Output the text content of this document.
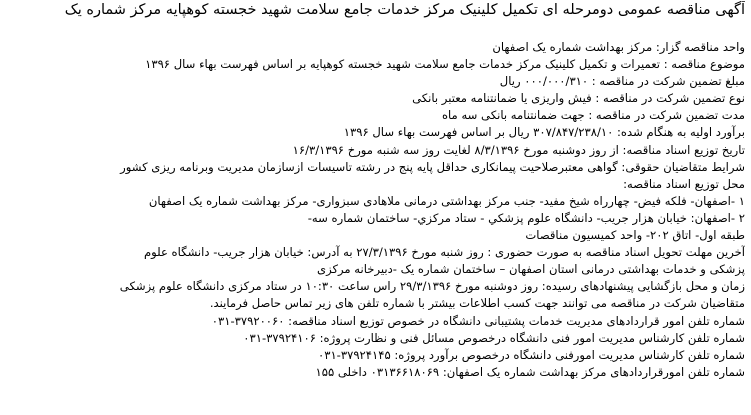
آگهی مناقصه عمومی دومرحله ای تکمیل کلینیک مرکز خدمات جامع سلامت شهید خجسته کوهپایه مرکز شماره یک
واحد مناقصه گزار: مرکز بهداشت شماره یک اصفهان
موضوع مناقصه : تعمیرات و تکمیل کلینیک مرکز خدمات جامع سلامت شهید خجسته کوهپایه بر اساس فهرست بهاء سال ۱۳۹۶
مبلغ تضمین شرکت در مناقصه : ۰۰۰/۰۰۰/۳۱۰ ریال
نوع تضمین شرکت در مناقصه : فیش واریزی یا ضمانتنامه معتبر بانکی
مدت تضمین شرکت در مناقصه : جهت ضمانتنامه بانکی سه ماه
برآورد اولیه به هنگام شده: ۳۰۷/۸۴۷/۲۳۸/۱۰ ریال بر اساس فهرست بهاء سال ۱۳۹۶
تاریخ توزیع اسناد مناقصه: از روز دوشنبه مورخ ۸/۳/۱۳۹۶ لغایت روز سه شنبه مورخ ۱۶/۳/۱۳۹۶
شرایط متقاضیان حقوقی: گواهی معتبرصلاحیت پیمانکاری حداقل پایه پنج در رشته تاسیسات ازسازمان مدیریت وبرنامه ریزی کشور
محل توزیع اسناد مناقصه:
۱ -اصفهان- فلکه فیض- چهارراه شیخ مفید- جنب مرکز بهداشتی درمانی ملاهادی سبزواری- مرکز بهداشت شماره یک اصفهان
۲ -اصفهان: خیابان هزار جریب- دانشگاه علوم پزشكي - ستاد مركزي- ساختمان شماره سه-
طبقه اول- اتاق ۲۰۲- واحد کمیسیون مناقصات
آخرین مهلت تحویل اسناد مناقصه به صورت حضوری : روز شنبه مورخ ۲۷/۳/۱۳۹۶ به آدرس: خیابان هزار جریب- دانشگاه علوم
پزشکی و خدمات بهداشتی درمانی استان اصفهان – ساختمان شماره یک -دبیرخانه مرکزی
زمان و محل بازگشایی پیشنهادهای رسیده: روز دوشنبه مورخ ۲۹/۳/۱۳۹۶ راس ساعت ۱۰:۳۰ در ستاد مرکزی دانشگاه علوم پزشکی
متقاضیان شرکت در مناقصه می توانند جهت کسب اطلاعات بیشتر با شماره تلفن های زیر تماس حاصل فرمایند.
شماره تلفن امور قراردادهای مدیریت خدمات پشتیبانی دانشگاه در خصوص توزیع اسناد مناقصه: ۳۷۹۲۰۰۶۰-۰۳۱
شماره تلفن کارشناس مدیریت امور فنی دانشگاه درخصوص مسائل فنی و نظارت پروژه: ۳۷۹۲۴۱۰۶-۰۳۱
شماره تلفن کارشناس مدیریت امورفنی دانشگاه درخصوص برآورد پروژه: ۳۷۹۲۴۱۴۵-۰۳۱
شماره تلفن امورقراردادهای مرکز بهداشت شماره یک اصفهان: ۰۳۱۳۶۶۱۸۰۶۹ داخلی ۱۵۵
